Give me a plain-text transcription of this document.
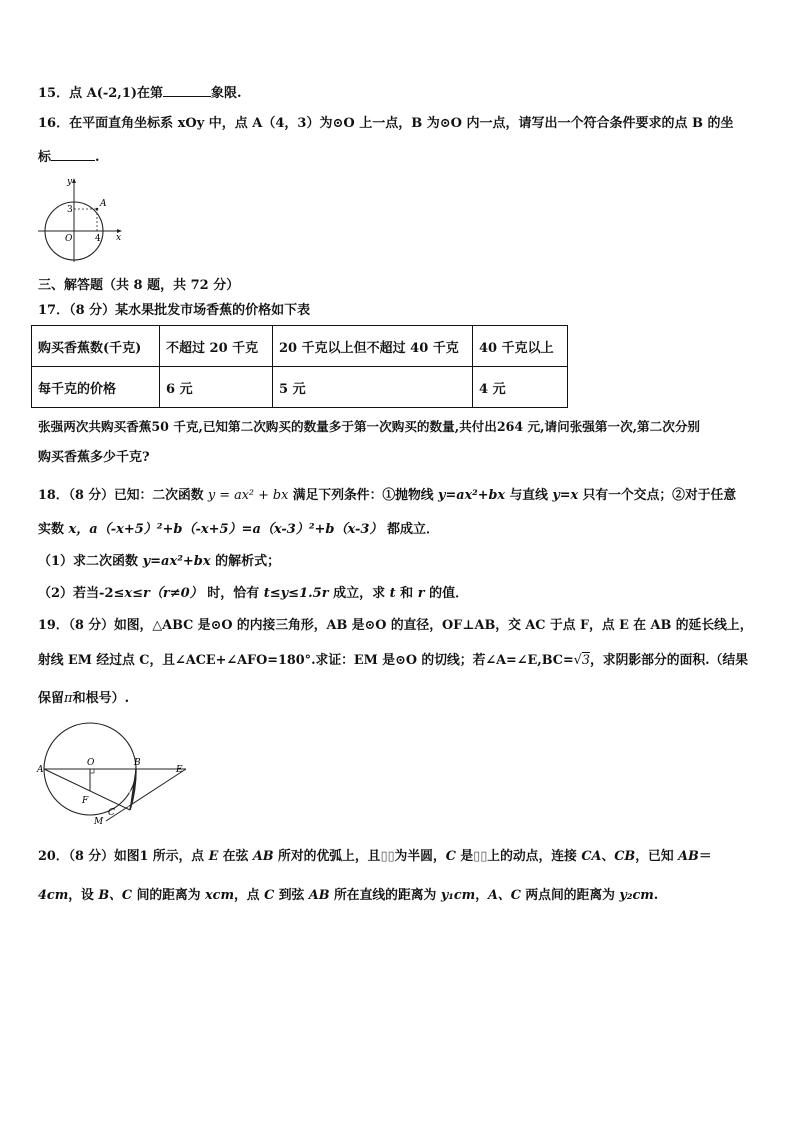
15．点 A(-2,1)在第	象限.
16．在平面直角坐标系 xOy 中，点 A（4，3）为⊙O 上一点，B 为⊙O 内一点，请写出一个符合条件要求的点 B 的坐
标	.
y
x
A
O
3
4
三、解答题（共 8 题，共 72 分）
17．（8 分）某水果批发市场香蕉的价格如下表
购买香蕉数(千克)	不超过 20 千克	20 千克以上但不超过 40 千克	40 千克以上
每千克的价格	6 元	5 元	4 元
张强两次共购买香蕉50 千克,已知第二次购买的数量多于第一次购买的数量,共付出264 元,请问张强第一次,第二次分别
购买香蕉多少千克?
18．（8 分）已知：二次函数 y = ax² + bx 满足下列条件：①抛物线 y=ax²+bx 与直线 y=x 只有一个交点；②对于任意
实数 x，a（-x+5）²+b（-x+5）=a（x-3）²+b（x-3） 都成立．
（1）求二次函数 y=ax²+bx 的解析式；
（2）若当-2≤x≤r（r≠0） 时，恰有 t≤y≤1.5r 成立，求 t 和 r 的值．
19．（8 分）如图，△ABC 是⊙O 的内接三角形，AB 是⊙O 的直径，OF⊥AB，交 AC 于点 F，点 E 在 AB 的延长线上，
射线 EM 经过点 C，且∠ACE+∠AFO=180°.求证：EM 是⊙O 的切线；若∠A=∠E,BC=√3，求阴影部分的面积.（结果
保留π和根号）.
A
O	B
E
F
C
M
20．（8 分）如图1 所示，点 E 在弦 AB 所对的优弧上，且▯▯为半圆，C 是▯▯上的动点，连接 CA、CB，已知 AB＝
4cm，设 B、C 间的距离为 xcm，点 C 到弦 AB 所在直线的距离为 y₁cm，A、C 两点间的距离为 y₂cm.
